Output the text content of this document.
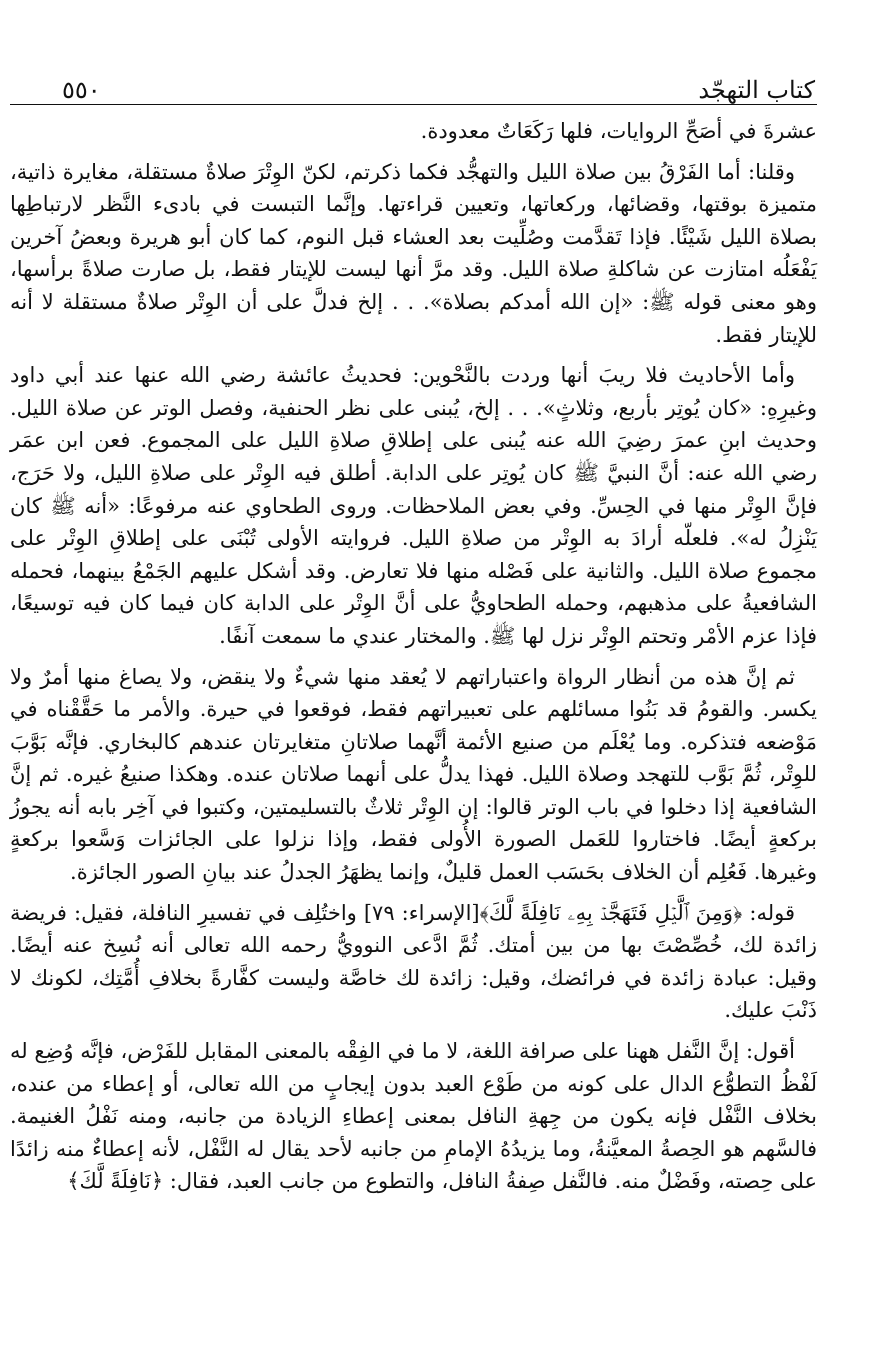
كتاب التهجّد
٥٥٠

عشرةَ في أصَحِّ الروايات، فلها رَكَعَاتٌ معدودة.

وقلنا: أما الفَرْقُ بين صلاة الليل والتهجُّد فكما ذكرتم، لكنّ الوِتْرَ صلاةٌ مستقلة، مغايرة ذاتية، متميزة بوقتها، وقضائها، وركعاتها، وتعيين قراءتها. وإنَّما التبست في بادىء النَّظر لارتباطِها بصلاة الليل شَيْئًا. فإذا تَقدَّمت وصُلِّيت بعد العشاء قبل النوم، كما كان أبو هريرة وبعضُ آخرين يَفْعَلُه امتازت عن شاكلةِ صلاة الليل. وقد مرَّ أنها ليست للإيتار فقط، بل صارت صلاةً برأسها، وهو معنى قوله ﷺ: «إن الله أمدكم بصلاة». . . إلخ فدلَّ على أن الوِتْر صلاةٌ مستقلة لا أنه للإيتار فقط.

وأما الأحاديث فلا ريبَ أنها وردت بالنَّحْوين: فحديثُ عائشة رضي الله عنها عند أبي داود وغيرِهِ: «كان يُوتِر بأربع، وثلاثٍ». . . إلخ، يُبنى على نظر الحنفية، وفصل الوتر عن صلاة الليل. وحديث ابنِ عمرَ رضِيَ الله عنه يُبنى على إطلاقِ صلاةِ الليل على المجموع. فعن ابن عمَر رضي الله عنه: أنَّ النبيَّ ﷺ كان يُوتِر على الدابة. أطلق فيه الوِتْر على صلاةِ الليل، ولا حَرَج، فإنَّ الوِتْر منها في الحِسِّ. وفي بعض الملاحظات. وروى الطحاوي عنه مرفوعًا: «أنه ﷺ كان يَنْزِلُ له». فلعلّه أرادَ به الوِتْر من صلاةِ الليل. فروايته الأولى تُبْنَى على إطلاقِ الوِتْر على مجموع صلاة الليل. والثانية على فَصْله منها فلا تعارض. وقد أشكل عليهم الجَمْعُ بينهما، فحمله الشافعيةُ على مذهبهم، وحمله الطحاويُّ على أنَّ الوِتْر على الدابة كان فيما كان فيه توسيعًا، فإذا عزم الأمْر وتحتم الوِتْر نزل لها ﷺ. والمختار عندي ما سمعت آنفًا.

ثم إنَّ هذه من أنظار الرواة واعتباراتهم لا يُعقد منها شيءٌ ولا ينقض، ولا يصاغ منها أمرٌ ولا يكسر. والقومُ قد بَنُوا مسائلهم على تعبيراتهم فقط، فوقعوا في حيرة. والأمر ما حَقَّقْناه في مَوْضعه فتذكره. وما يُعْلَم من صنيع الأئمة أنَّهما صلاتانِ متغايرتان عندهم كالبخاري. فإنَّه بَوَّبَ للوِتْر، ثُمَّ بَوَّب للتهجد وصلاة الليل. فهذا يدلُّ على أنهما صلاتان عنده. وهكذا صنيعُ غيره. ثم إنَّ الشافعية إذا دخلوا في باب الوتر قالوا: إن الوِتْر ثلاثٌ بالتسليمتين، وكتبوا في آخِر بابه أنه يجوزُ بركعةٍ أيضًا. فاختاروا للعَمل الصورة الأُولى فقط، وإذا نزلوا على الجائزات وَسَّعوا بركعةٍ وغيرها. فَعُلِم أن الخلاف بحَسَب العمل قليلٌ، وإنما يظهَرُ الجدلُ عند بيانِ الصور الجائزة.

قوله: ﴿وَمِنَ ٱلَّيۡلِ فَتَهَجَّدۡ بِهِۦ نَافِلَةً لَّكَ﴾[الإسراء: ٧٩] واختُلِف في تفسيرِ النافلة، فقيل: فريضة زائدة لك، خُصِّصْتَ بها من بين أمتك. ثُمَّ ادَّعى النوويُّ رحمه الله تعالى أنه نُسِخ عنه أيضًا. وقيل: عبادة زائدة في فرائضك، وقيل: زائدة لك خاصَّة وليست كفَّارةً بخلافِ أُمَّتِك، لكونك لا ذَنْبَ عليك.

أقول: إنَّ النَّفل ههنا على صرافة اللغة، لا ما في الفِقْه بالمعنى المقابل للفَرْض، فإنَّه وُضِع له لَفْظُ التطوُّع الدال على كونه من طَوْع العبد بدون إيجابٍ من الله تعالى، أو إعطاء من عنده، بخلاف النَّفْل فإنه يكون من جِهةِ النافل بمعنى إعطاءِ الزيادة من جانبه، ومنه نَفْلُ الغنيمة. فالسَّهم هو الحِصةُ المعيَّنةُ، وما يزيدُهُ الإمامِ من جانبه لأحد يقال له النَّفْل، لأنه إعطاءٌ منه زائدًا على حِصته، وفَضْلٌ منه. فالنَّفل صِفةُ النافل، والتطوع من جانب العبد، فقال: ﴿نَافِلَةً لَّكَ﴾
